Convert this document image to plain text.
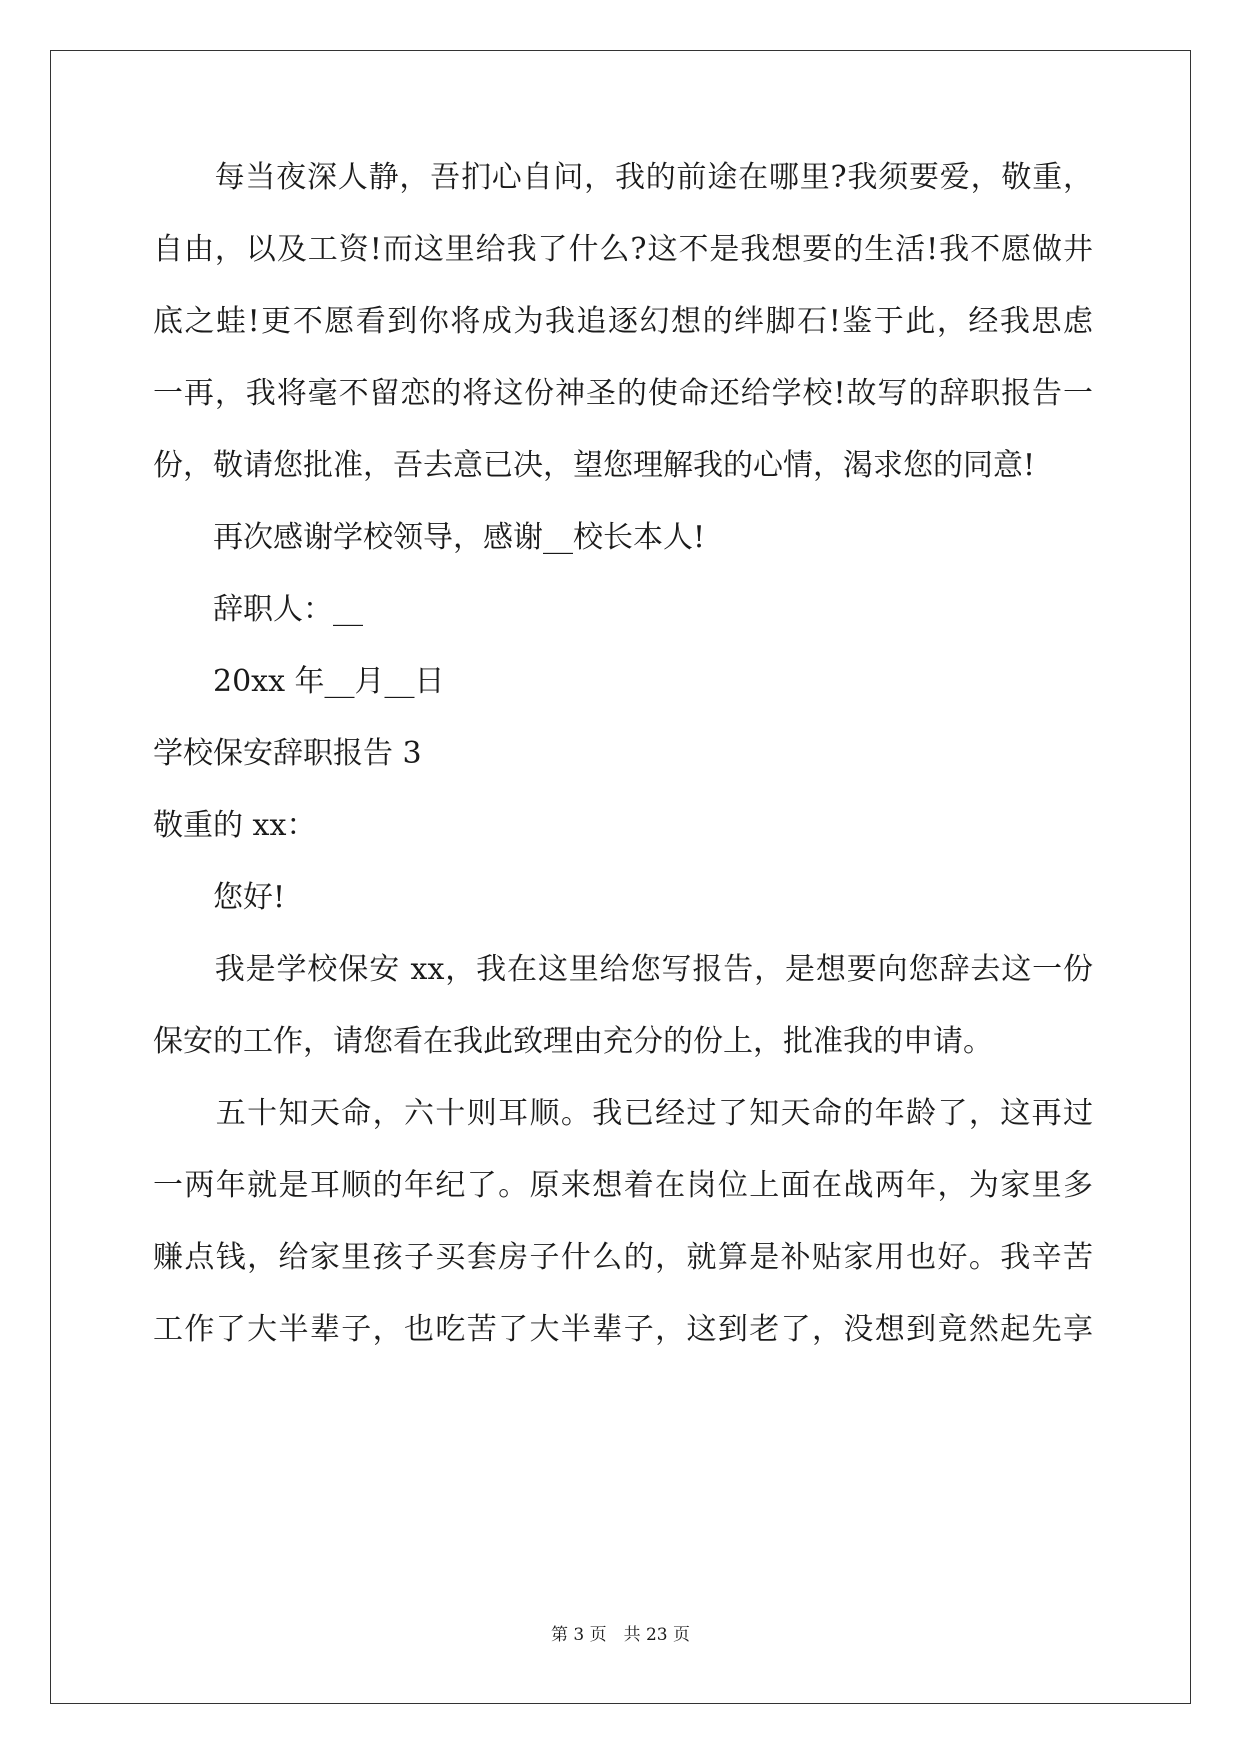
　　每当夜深人静，吾扪心自问，我的前途在哪里?我须要爱，敬重，
自由，以及工资!而这里给我了什么?这不是我想要的生活!我不愿做井
底之蛙!更不愿看到你将成为我追逐幻想的绊脚石!鉴于此，经我思虑
一再，我将毫不留恋的将这份神圣的使命还给学校!故写的辞职报告一
份，敬请您批准，吾去意已决，望您理解我的心情，渴求您的同意!
　　再次感谢学校领导，感谢__校长本人!
　　辞职人：__
　　20xx 年__月__日
学校保安辞职报告 3
敬重的 xx：
　　您好!
　　我是学校保安 xx，我在这里给您写报告，是想要向您辞去这一份
保安的工作，请您看在我此致理由充分的份上，批准我的申请。
　　五十知天命，六十则耳顺。我已经过了知天命的年龄了，这再过
一两年就是耳顺的年纪了。原来想着在岗位上面在战两年，为家里多
赚点钱，给家里孩子买套房子什么的，就算是补贴家用也好。我辛苦
工作了大半辈子，也吃苦了大半辈子，这到老了，没想到竟然起先享
第 3 页　共 23 页
